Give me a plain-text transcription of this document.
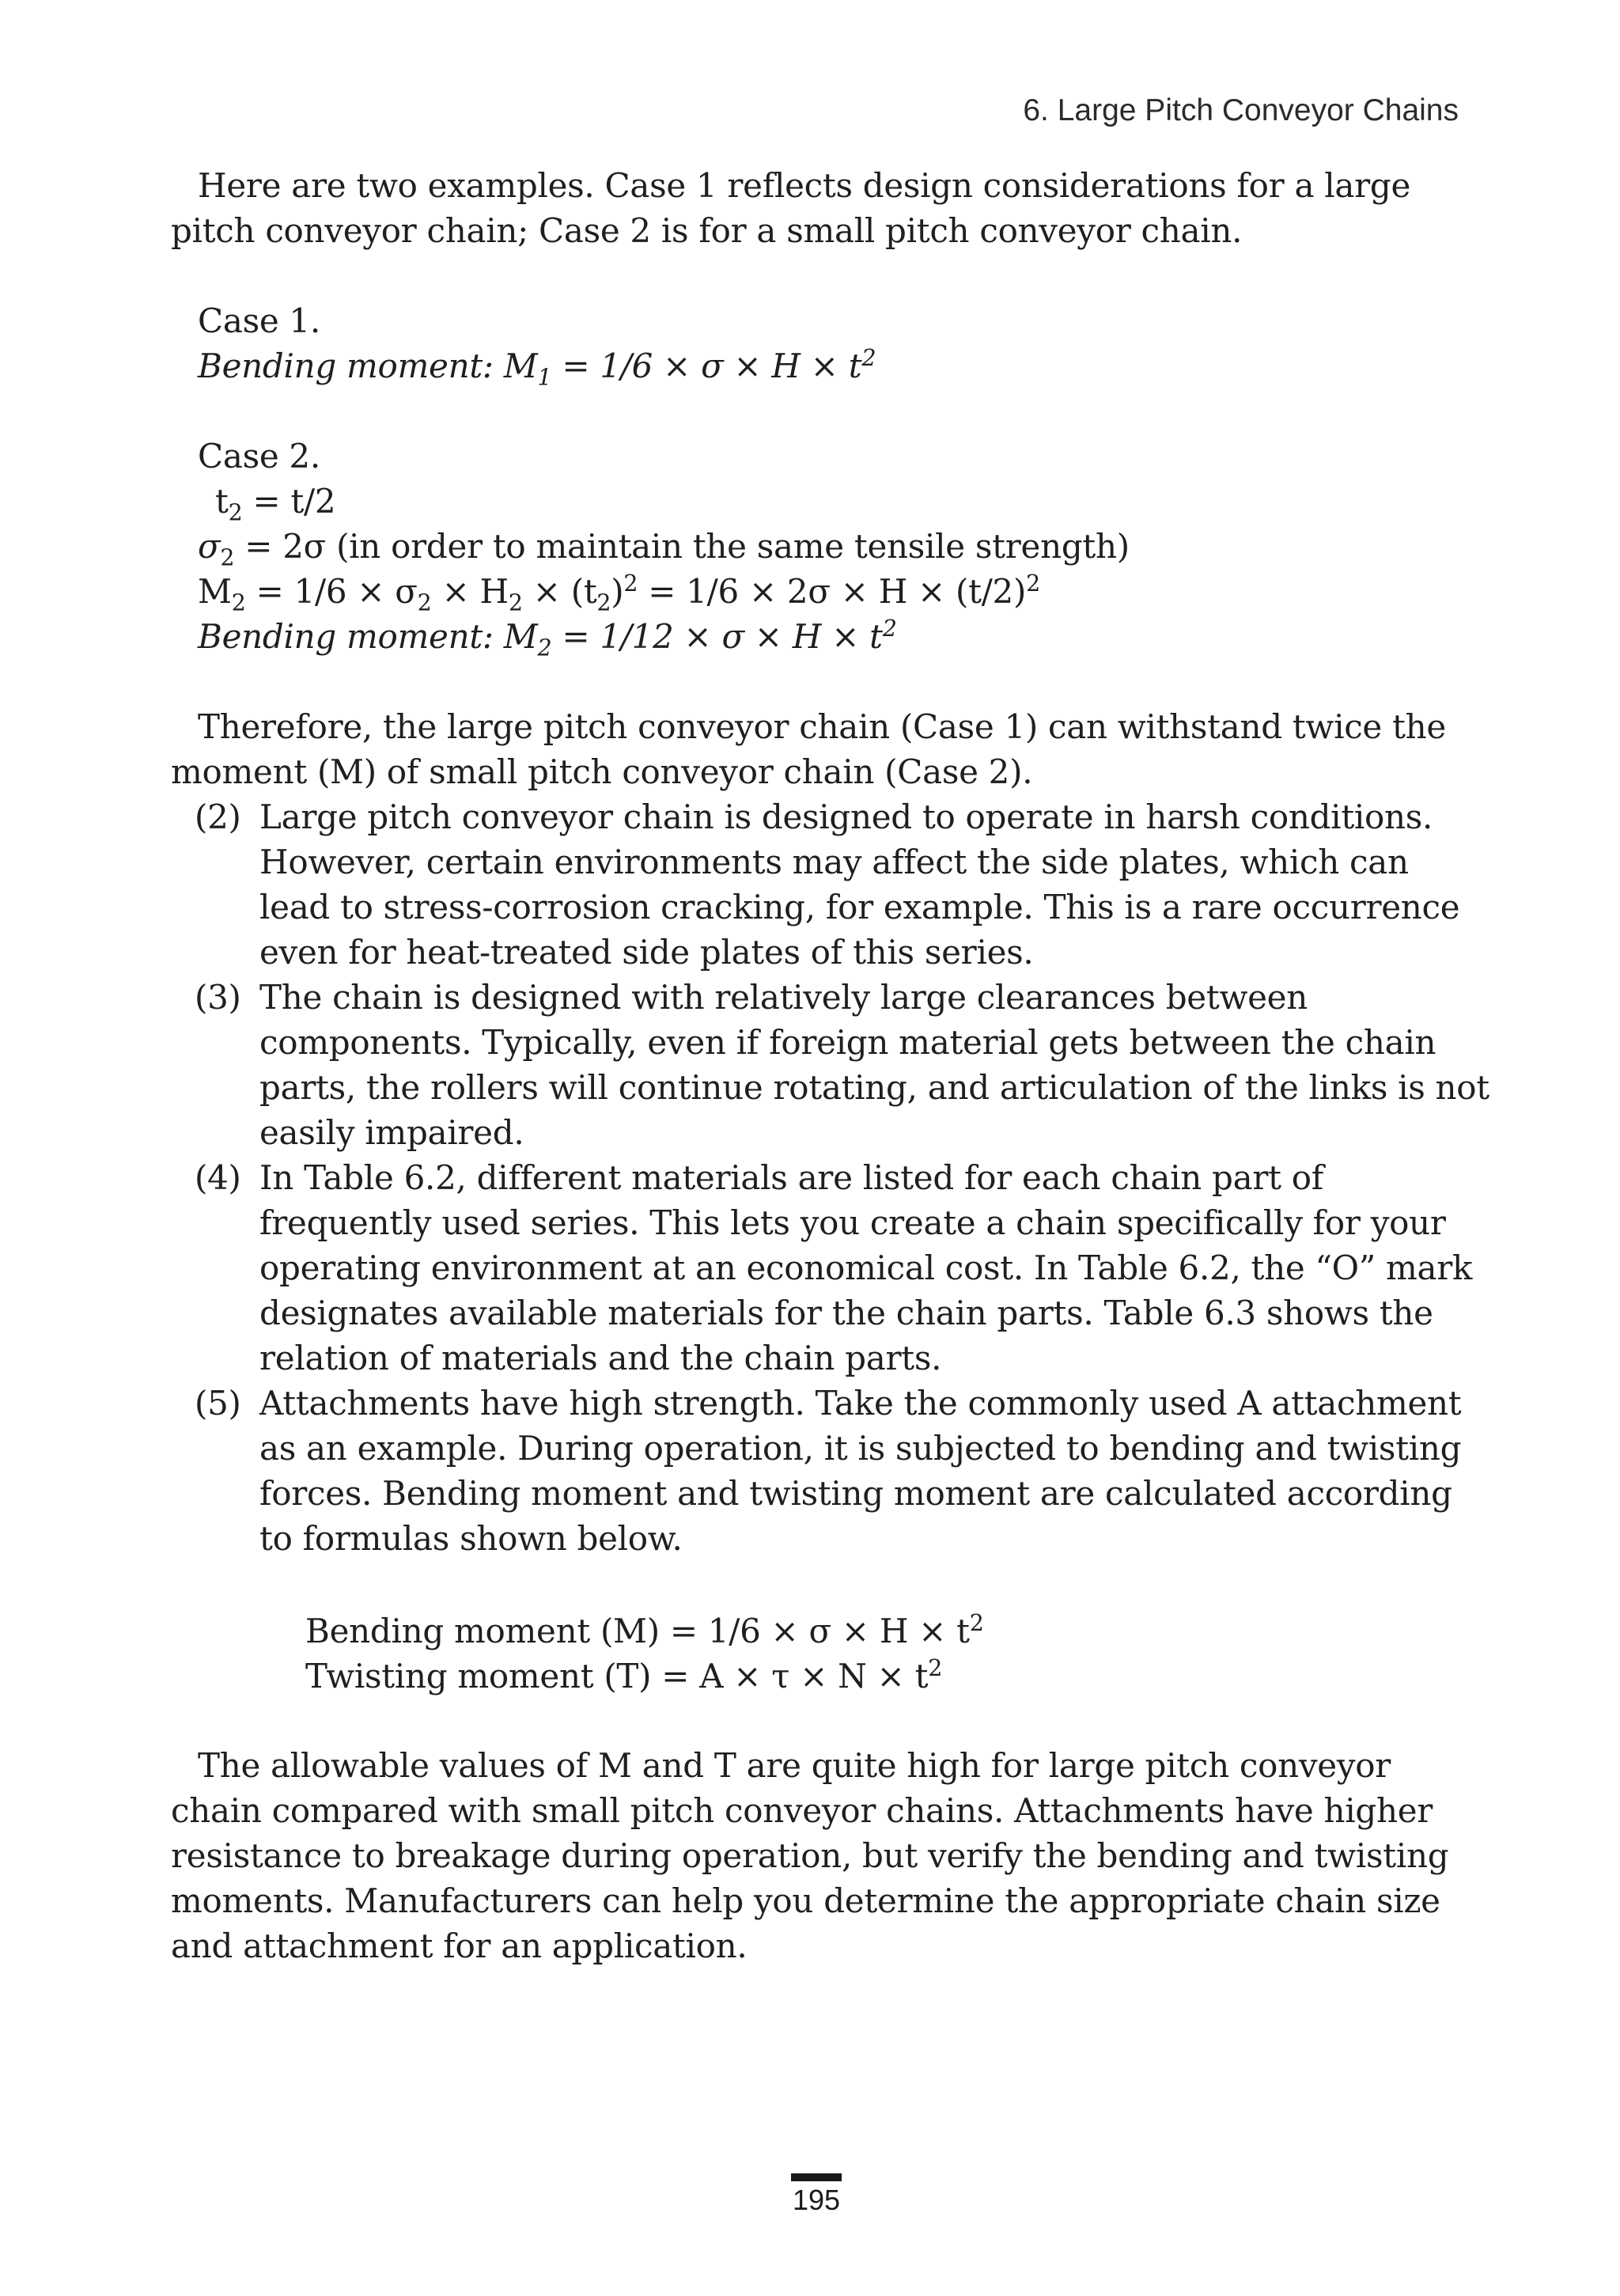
6. Large Pitch Conveyor Chains
Here are two examples. Case 1 reflects design considerations for a large
pitch conveyor chain; Case 2 is for a small pitch conveyor chain.
Case 1.
Bending moment: $M_1 = 1/6 \times \sigma \times H \times t^2$
Case 2.
$t_2 = t/2$
$\sigma_2 = 2\sigma$ (in order to maintain the same tensile strength)
$M_2 = 1/6 \times \sigma_2 \times H_2 \times (t_2)^2 = 1/6 \times 2\sigma \times H \times (t/2)^2$
Bending moment: $M_2 = 1/12 \times \sigma \times H \times t^2$
Therefore, the large pitch conveyor chain (Case 1) can withstand twice the
moment (M) of small pitch conveyor chain (Case 2).
(2) Large pitch conveyor chain is designed to operate in harsh conditions.
However, certain environments may affect the side plates, which can
lead to stress-corrosion cracking, for example. This is a rare occurrence
even for heat-treated side plates of this series.
(3) The chain is designed with relatively large clearances between
components. Typically, even if foreign material gets between the chain
parts, the rollers will continue rotating, and articulation of the links is not
easily impaired.
(4) In Table 6.2, different materials are listed for each chain part of
frequently used series. This lets you create a chain specifically for your
operating environment at an economical cost. In Table 6.2, the “O” mark
designates available materials for the chain parts. Table 6.3 shows the
relation of materials and the chain parts.
(5) Attachments have high strength. Take the commonly used A attachment
as an example. During operation, it is subjected to bending and twisting
forces. Bending moment and twisting moment are calculated according
to formulas shown below.
Bending moment $(M) = 1/6 \times \sigma \times H \times t^2$
Twisting moment $(T) = A \times \tau \times N \times t^2$
The allowable values of M and T are quite high for large pitch conveyor
chain compared with small pitch conveyor chains. Attachments have higher
resistance to breakage during operation, but verify the bending and twisting
moments. Manufacturers can help you determine the appropriate chain size
and attachment for an application.
195
